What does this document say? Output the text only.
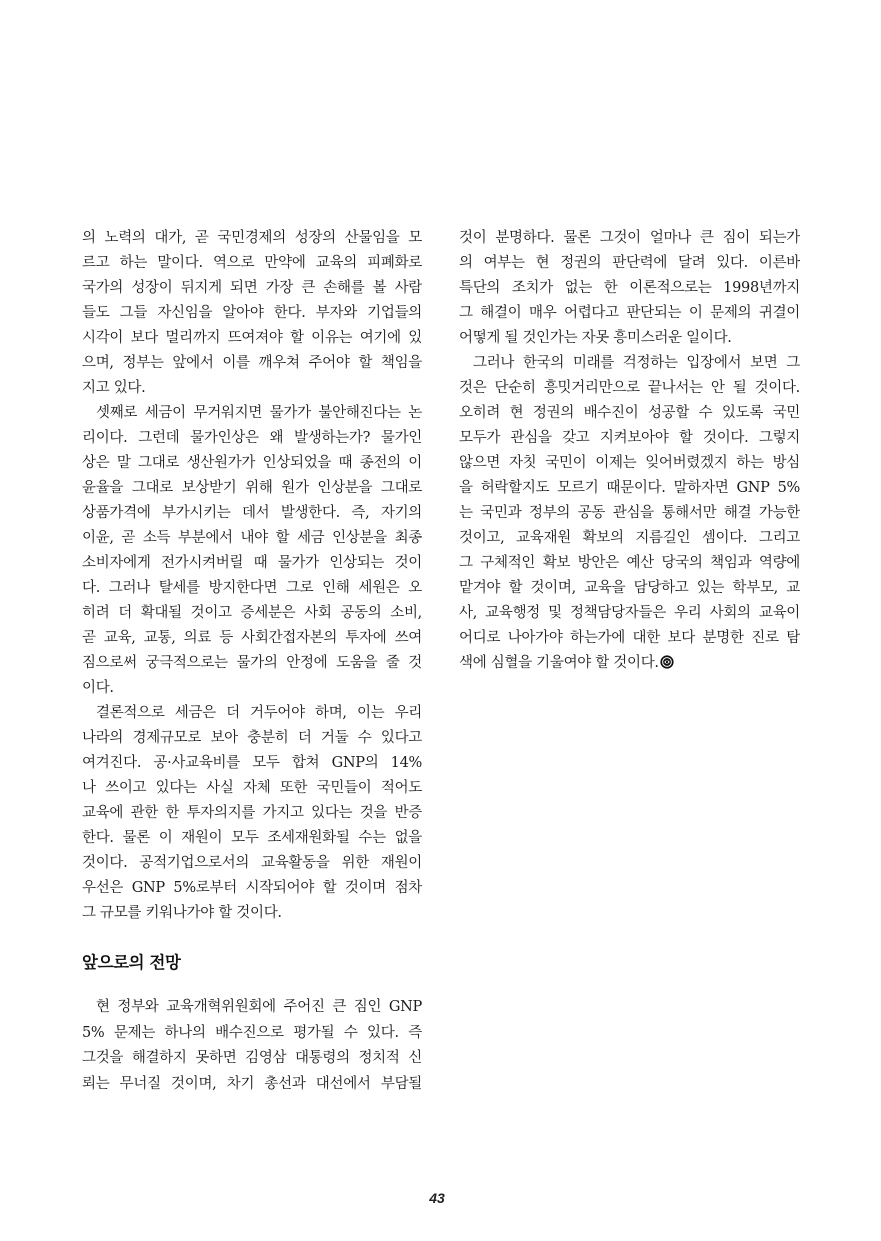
의 노력의 대가, 곧 국민경제의 성장의 산물임을 모
르고 하는 말이다. 역으로 만약에 교육의 피폐화로
국가의 성장이 뒤지게 되면 가장 큰 손해를 볼 사람
들도 그들 자신임을 알아야 한다. 부자와 기업들의
시각이 보다 멀리까지 뜨여져야 할 이유는 여기에 있
으며, 정부는 앞에서 이를 깨우쳐 주어야 할 책임을
지고 있다.
셋째로 세금이 무거워지면 물가가 불안해진다는 논
리이다. 그런데 물가인상은 왜 발생하는가? 물가인
상은 말 그대로 생산원가가 인상되었을 때 종전의 이
윤율을 그대로 보상받기 위해 원가 인상분을 그대로
상품가격에 부가시키는 데서 발생한다. 즉, 자기의
이윤, 곧 소득 부분에서 내야 할 세금 인상분을 최종
소비자에게 전가시켜버릴 때 물가가 인상되는 것이
다. 그러나 탈세를 방지한다면 그로 인해 세원은 오
히려 더 확대될 것이고 증세분은 사회 공동의 소비,
곧 교육, 교통, 의료 등 사회간접자본의 투자에 쓰여
짐으로써 궁극적으로는 물가의 안정에 도움을 줄 것
이다.
결론적으로 세금은 더 거두어야 하며, 이는 우리
나라의 경제규모로 보아 충분히 더 거둘 수 있다고
여겨진다. 공·사교육비를 모두 합쳐 GNP의 14%
나 쓰이고 있다는 사실 자체 또한 국민들이 적어도
교육에 관한 한 투자의지를 가지고 있다는 것을 반증
한다. 물론 이 재원이 모두 조세재원화될 수는 없을
것이다. 공적기업으로서의 교육활동을 위한 재원이
우선은 GNP 5%로부터 시작되어야 할 것이며 점차
그 규모를 키워나가야 할 것이다.
앞으로의 전망
현 정부와 교육개혁위원회에 주어진 큰 짐인 GNP
5% 문제는 하나의 배수진으로 평가될 수 있다. 즉
그것을 해결하지 못하면 김영삼 대통령의 정치적 신
뢰는 무너질 것이며, 차기 총선과 대선에서 부담될
것이 분명하다. 물론 그것이 얼마나 큰 짐이 되는가
의 여부는 현 정권의 판단력에 달려 있다. 이른바
특단의 조치가 없는 한 이론적으로는 1998년까지
그 해결이 매우 어렵다고 판단되는 이 문제의 귀결이
어떻게 될 것인가는 자못 흥미스러운 일이다.
그러나 한국의 미래를 걱정하는 입장에서 보면 그
것은 단순히 흥밋거리만으로 끝나서는 안 될 것이다.
오히려 현 정권의 배수진이 성공할 수 있도록 국민
모두가 관심을 갖고 지켜보아야 할 것이다. 그렇지
않으면 자칫 국민이 이제는 잊어버렸겠지 하는 방심
을 허락할지도 모르기 때문이다. 말하자면 GNP 5%
는 국민과 정부의 공동 관심을 통해서만 해결 가능한
것이고, 교육재원 확보의 지름길인 셈이다. 그리고
그 구체적인 확보 방안은 예산 당국의 책임과 역량에
맡겨야 할 것이며, 교육을 담당하고 있는 학부모, 교
사, 교육행정 및 정책담당자들은 우리 사회의 교육이
어디로 나아가야 하는가에 대한 보다 분명한 진로 탐
색에 심혈을 기울여야 할 것이다.
43
